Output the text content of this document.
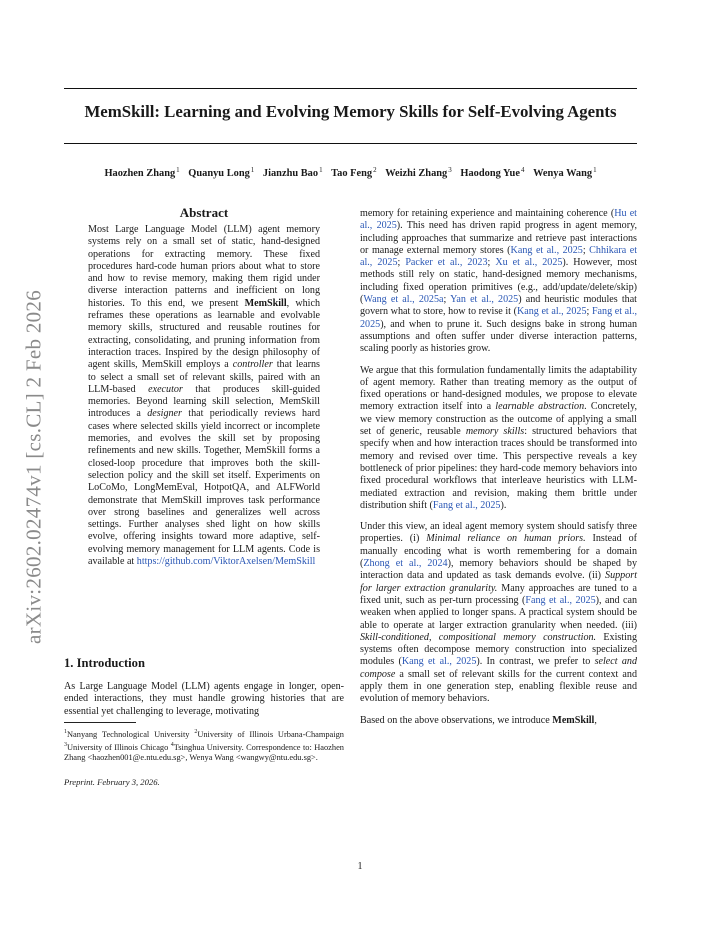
MemSkill: Learning and Evolving Memory Skills for Self-Evolving Agents
Haozhen Zhang$^1$ Quanyu Long$^1$ Jianzhu Bao$^1$ Tao Feng$^2$ Weizhi Zhang$^3$ Haodong Yue$^4$ Wenya Wang$^1$
arXiv:2602.02474v1 [cs.CL] 2 Feb 2026
Abstract

Most Large Language Model (LLM) agent memory systems rely on a small set of static, hand-designed operations for extracting memory. These fixed procedures hard-code human priors about what to store and how to revise memory, making them rigid under diverse interaction patterns and inefficient on long histories. To this end, we present MemSkill, which reframes these operations as learnable and evolvable memory skills, structured and reusable routines for extracting, consolidating, and pruning information from interaction traces. Inspired by the design philosophy of agent skills, MemSkill employs a controller that learns to select a small set of relevant skills, paired with an LLM-based executor that produces skill-guided memories. Beyond learning skill selection, MemSkill introduces a designer that periodically reviews hard cases where selected skills yield incorrect or incomplete memories, and evolves the skill set by proposing refinements and new skills. Together, MemSkill forms a closed-loop procedure that improves both the skill-selection policy and the skill set itself. Experiments on LoCoMo, LongMemEval, HotpotQA, and ALFWorld demonstrate that MemSkill improves task performance over strong baselines and generalizes well across settings. Further analyses shed light on how skills evolve, offering insights toward more adaptive, self-evolving memory management for LLM agents. Code is available at https://github.com/ViktorAxelsen/MemSkill

1. Introduction

As Large Language Model (LLM) agents engage in longer, open-ended interactions, they must handle growing histories that are essential yet challenging to leverage, motivating

$^1$Nanyang Technological University $^2$University of Illinois Urbana-Champaign $^3$University of Illinois Chicago $^4$Tsinghua University. Correspondence to: Haozhen Zhang <haozhen001@e.ntu.edu.sg>, Wenya Wang <wangwy@ntu.edu.sg>.

Preprint. February 3, 2026.

memory for retaining experience and maintaining coherence (Hu et al., 2025). This need has driven rapid progress in agent memory, including approaches that summarize and retrieve past interactions or manage external memory stores (Kang et al., 2025; Chhikara et al., 2025; Packer et al., 2023; Xu et al., 2025). However, most methods still rely on static, hand-designed memory mechanisms, including fixed operation primitives (e.g., add/update/delete/skip) (Wang et al., 2025a; Yan et al., 2025) and heuristic modules that govern what to store, how to revise it (Kang et al., 2025; Fang et al., 2025), and when to prune it. Such designs bake in strong human assumptions and often suffer under diverse interaction patterns, scaling poorly as histories grow.

We argue that this formulation fundamentally limits the adaptability of agent memory. Rather than treating memory as the output of fixed operations or hand-designed modules, we propose to elevate memory extraction itself into a learnable abstraction. Concretely, we view memory construction as the outcome of applying a small set of generic, reusable memory skills: structured behaviors that specify when and how interaction traces should be transformed into memory and revised over time. This perspective reveals a key bottleneck of prior pipelines: they hard-code memory behaviors into fixed procedural workflows that interleave heuristics with LLM-mediated extraction and revision, making them brittle under distribution shift (Fang et al., 2025).

Under this view, an ideal agent memory system should satisfy three properties. (i) Minimal reliance on human priors. Instead of manually encoding what is worth remembering for a domain (Zhong et al., 2024), memory behaviors should be shaped by interaction data and updated as task demands evolve. (ii) Support for larger extraction granularity. Many approaches are tuned to a fixed unit, such as per-turn processing (Fang et al., 2025), and can weaken when applied to longer spans. A practical system should be able to operate at larger extraction granularity when needed. (iii) Skill-conditioned, compositional memory construction. Existing systems often decompose memory construction into specialized modules (Kang et al., 2025). In contrast, we prefer to select and compose a small set of relevant skills for the current context and apply them in one generation step, enabling flexible reuse and evolution of memory behaviors.

Based on the above observations, we introduce MemSkill,

1
